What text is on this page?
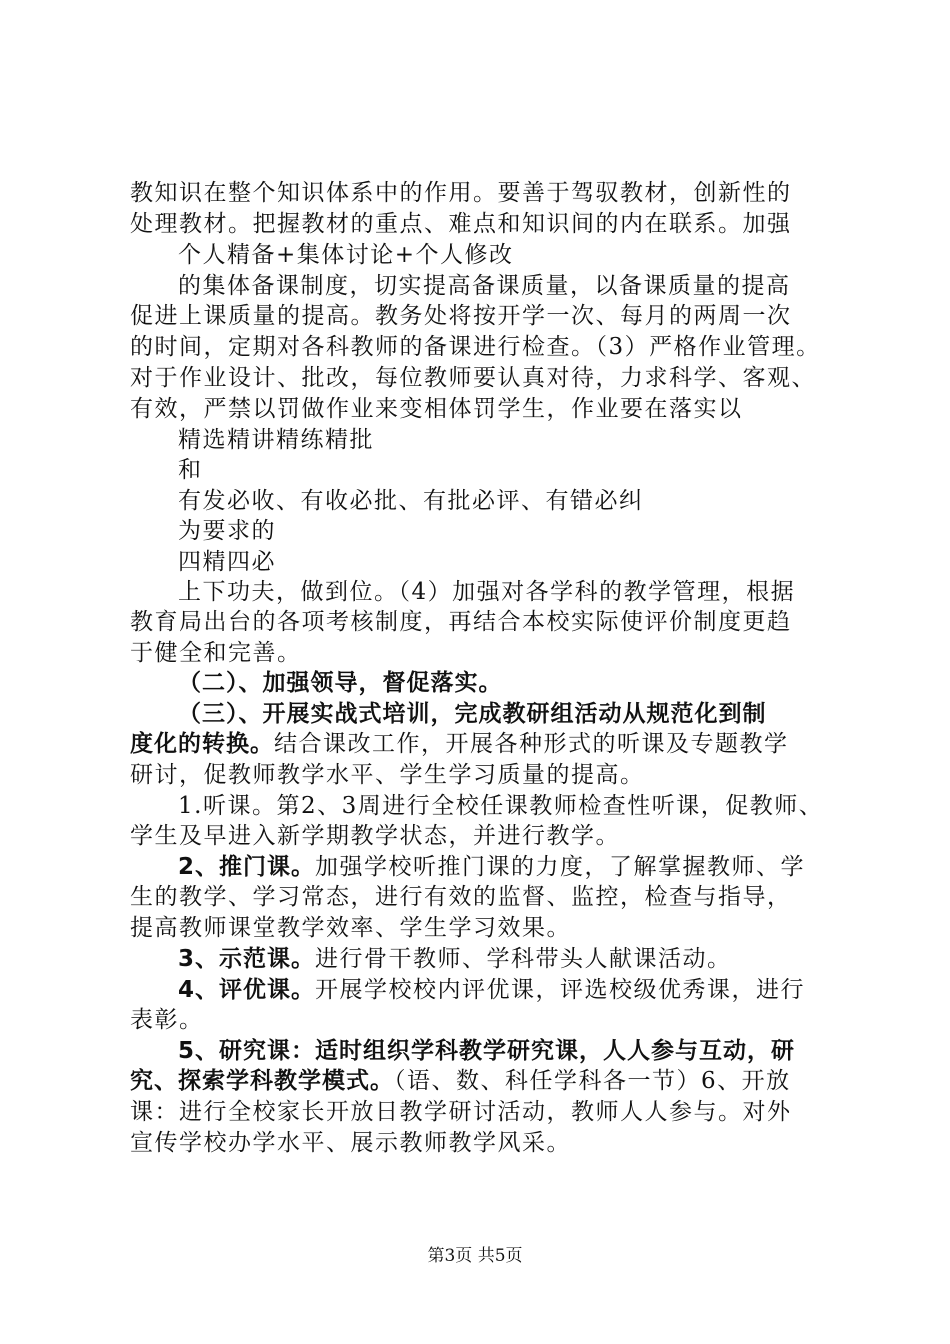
教知识在整个知识体系中的作用。要善于驾驭教材，创新性的
处理教材。把握教材的重点、难点和知识间的内在联系。加强
个人精备+集体讨论+个人修改
的集体备课制度，切实提高备课质量，以备课质量的提高
促进上课质量的提高。教务处将按开学一次、每月的两周一次
的时间，定期对各科教师的备课进行检查。（3）严格作业管理。
对于作业设计、批改，每位教师要认真对待，力求科学、客观、
有效，严禁以罚做作业来变相体罚学生，作业要在落实以
精选精讲精练精批
和
有发必收、有收必批、有批必评、有错必纠
为要求的
四精四必
上下功夫，做到位。（4）加强对各学科的教学管理，根据
教育局出台的各项考核制度，再结合本校实际使评价制度更趋
于健全和完善。
（二）、加强领导，督促落实。
（三）、开展实战式培训，完成教研组活动从规范化到制
度化的转换。结合课改工作，开展各种形式的听课及专题教学
研讨，促教师教学水平、学生学习质量的提高。
1.听课。第2、3周进行全校任课教师检查性听课，促教师、
学生及早进入新学期教学状态，并进行教学。
2、推门课。加强学校听推门课的力度，了解掌握教师、学
生的教学、学习常态，进行有效的监督、监控，检查与指导，
提高教师课堂教学效率、学生学习效果。
3、示范课。进行骨干教师、学科带头人献课活动。
4、评优课。开展学校校内评优课，评选校级优秀课，进行
表彰。
5、研究课：适时组织学科教学研究课，人人参与互动，研
究、探索学科教学模式。（语、数、科任学科各一节）6、开放
课：进行全校家长开放日教学研讨活动，教师人人参与。对外
宣传学校办学水平、展示教师教学风采。
第3页 共5页
